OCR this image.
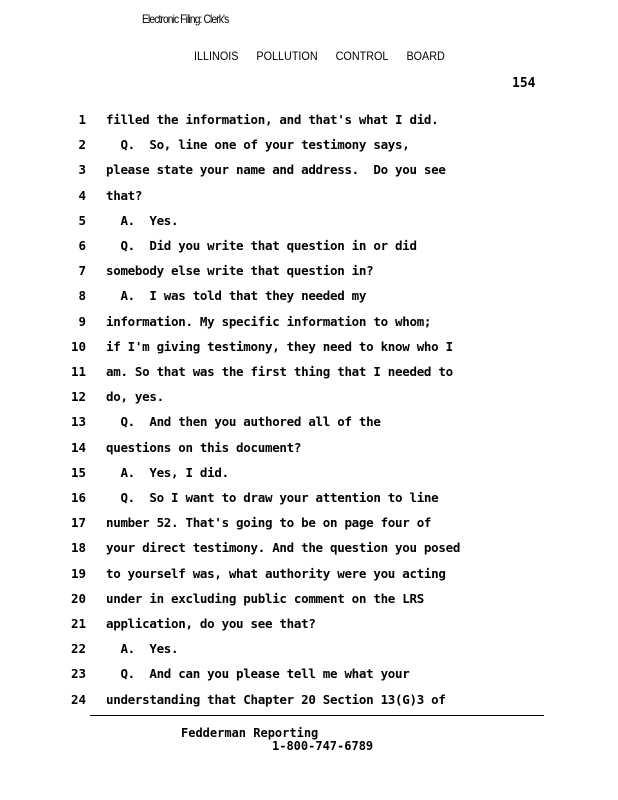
Electronic Filing: Clerk's
ILLINOIS POLLUTION CONTROL BOARD
154
1 filled the information, and that's what I did.
2 Q.  So, line one of your testimony says,
3 please state your name and address.  Do you see
4 that?
5 A.  Yes.
6 Q.  Did you write that question in or did
7 somebody else write that question in?
8 A.  I was told that they needed my
9 information. My specific information to whom;
10 if I'm giving testimony, they need to know who I
11 am. So that was the first thing that I needed to
12 do, yes.
13 Q.  And then you authored all of the
14 questions on this document?
15 A.  Yes, I did.
16 Q.  So I want to draw your attention to line
17 number 52. That's going to be on page four of
18 your direct testimony. And the question you posed
19 to yourself was, what authority were you acting
20 under in excluding public comment on the LRS
21 application, do you see that?
22 A.  Yes.
23 Q.  And can you please tell me what your
24 understanding that Chapter 20 Section 13(G)3 of
Fedderman Reporting
1-800-747-6789
